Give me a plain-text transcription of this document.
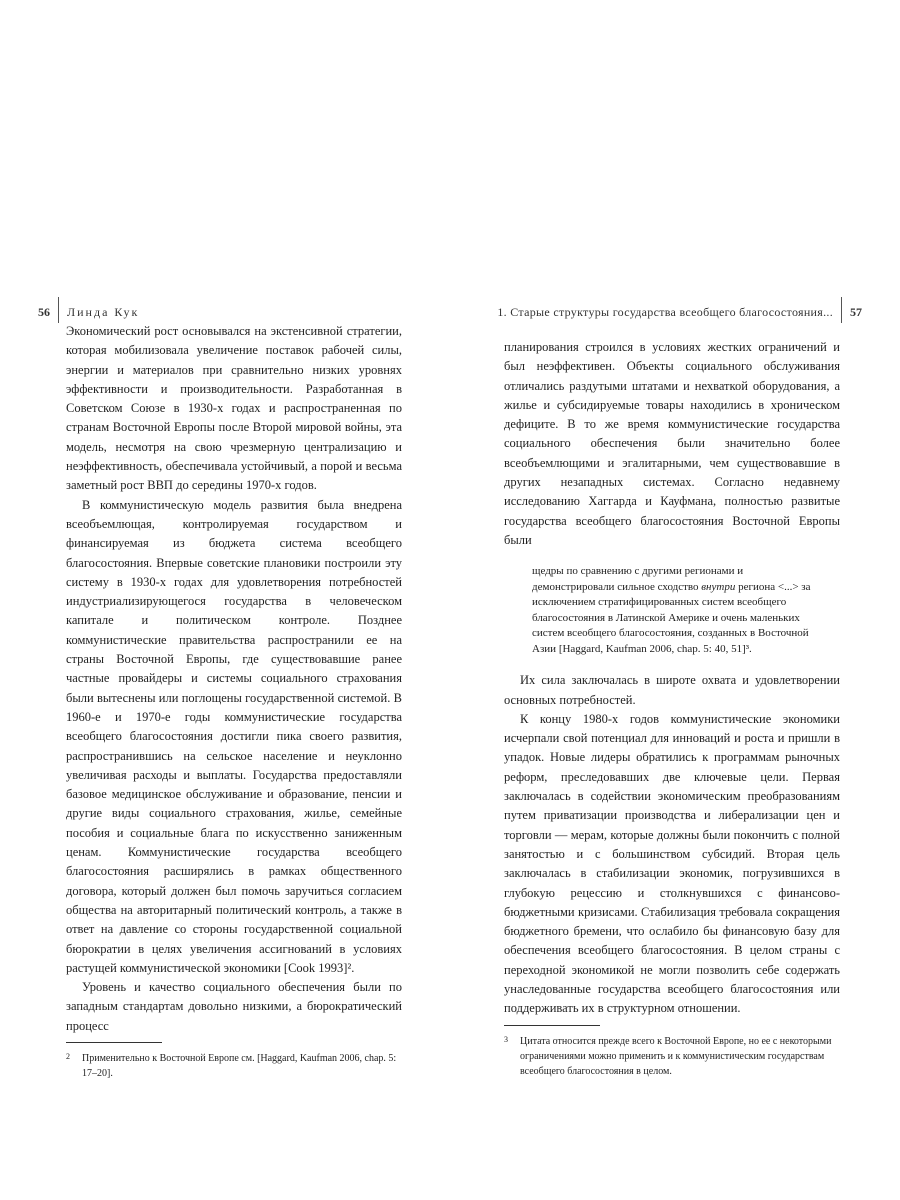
56 Линда Кук

Экономический рост основывался на экстенсивной стратегии, которая мобилизовала увеличение поставок рабочей силы, энергии и материалов при сравнительно низких уровнях эффективности и производительности. Разработанная в Советском Союзе в 1930-х годах и распространенная по странам Восточной Европы после Второй мировой войны, эта модель, несмотря на свою чрезмерную централизацию и неэффективность, обеспечивала устойчивый, а порой и весьма заметный рост ВВП до середины 1970-х годов.

В коммунистическую модель развития была внедрена всеобъемлющая, контролируемая государством и финансируемая из бюджета система всеобщего благосостояния. Впервые советские плановики построили эту систему в 1930-х годах для удовлетворения потребностей индустриализирующегося государства в человеческом капитале и политическом контроле. Позднее коммунистические правительства распространили ее на страны Восточной Европы, где существовавшие ранее частные провайдеры и системы социального страхования были вытеснены или поглощены государственной системой. В 1960-е и 1970-е годы коммунистические государства всеобщего благосостояния достигли пика своего развития, распространившись на сельское население и неуклонно увеличивая расходы и выплаты. Государства предоставляли базовое медицинское обслуживание и образование, пенсии и другие виды социального страхования, жилье, семейные пособия и социальные блага по искусственно заниженным ценам. Коммунистические государства всеобщего благосостояния расширялись в рамках общественного договора, который должен был помочь заручиться согласием общества на авторитарный политический контроль, а также в ответ на давление со стороны государственной социальной бюрократии в целях увеличения ассигнований в условиях растущей коммунистической экономики [Cook 1993]².

Уровень и качество социального обеспечения были по западным стандартам довольно низкими, а бюрократический процесс

2 Применительно к Восточной Европе см. [Haggard, Kaufman 2006, chap. 5: 17–20].
1. Старые структуры государства всеобщего благосостояния... 57

планирования строился в условиях жестких ограничений и был неэффективен. Объекты социального обслуживания отличались раздутыми штатами и нехваткой оборудования, а жилье и субсидируемые товары находились в хроническом дефиците. В то же время коммунистические государства социального обеспечения были значительно более всеобъемлющими и эгалитарными, чем существовавшие в других незападных системах. Согласно недавнему исследованию Хаггарда и Кауфмана, полностью развитые государства всеобщего благосостояния Восточной Европы были

щедры по сравнению с другими регионами и демонстрировали сильное сходство внутри региона <...> за исключением стратифицированных систем всеобщего благосостояния в Латинской Америке и очень маленьких систем всеобщего благосостояния, созданных в Восточной Азии [Haggard, Kaufman 2006, chap. 5: 40, 51]³.

Их сила заключалась в широте охвата и удовлетворении основных потребностей.

К концу 1980-х годов коммунистические экономики исчерпали свой потенциал для инноваций и роста и пришли в упадок. Новые лидеры обратились к программам рыночных реформ, преследовавших две ключевые цели. Первая заключалась в содействии экономическим преобразованиям путем приватизации производства и либерализации цен и торговли — мерам, которые должны были покончить с полной занятостью и с большинством субсидий. Вторая цель заключалась в стабилизации экономик, погрузившихся в глубокую рецессию и столкнувшихся с финансово-бюджетными кризисами. Стабилизация требовала сокращения бюджетного бремени, что ослабило бы финансовую базу для обеспечения всеобщего благосостояния. В целом страны с переходной экономикой не могли позволить себе содержать унаследованные государства всеобщего благосостояния или поддерживать их в структурном отношении.

3 Цитата относится прежде всего к Восточной Европе, но ее с некоторыми ограничениями можно применить и к коммунистическим государствам всеобщего благосостояния в целом.
